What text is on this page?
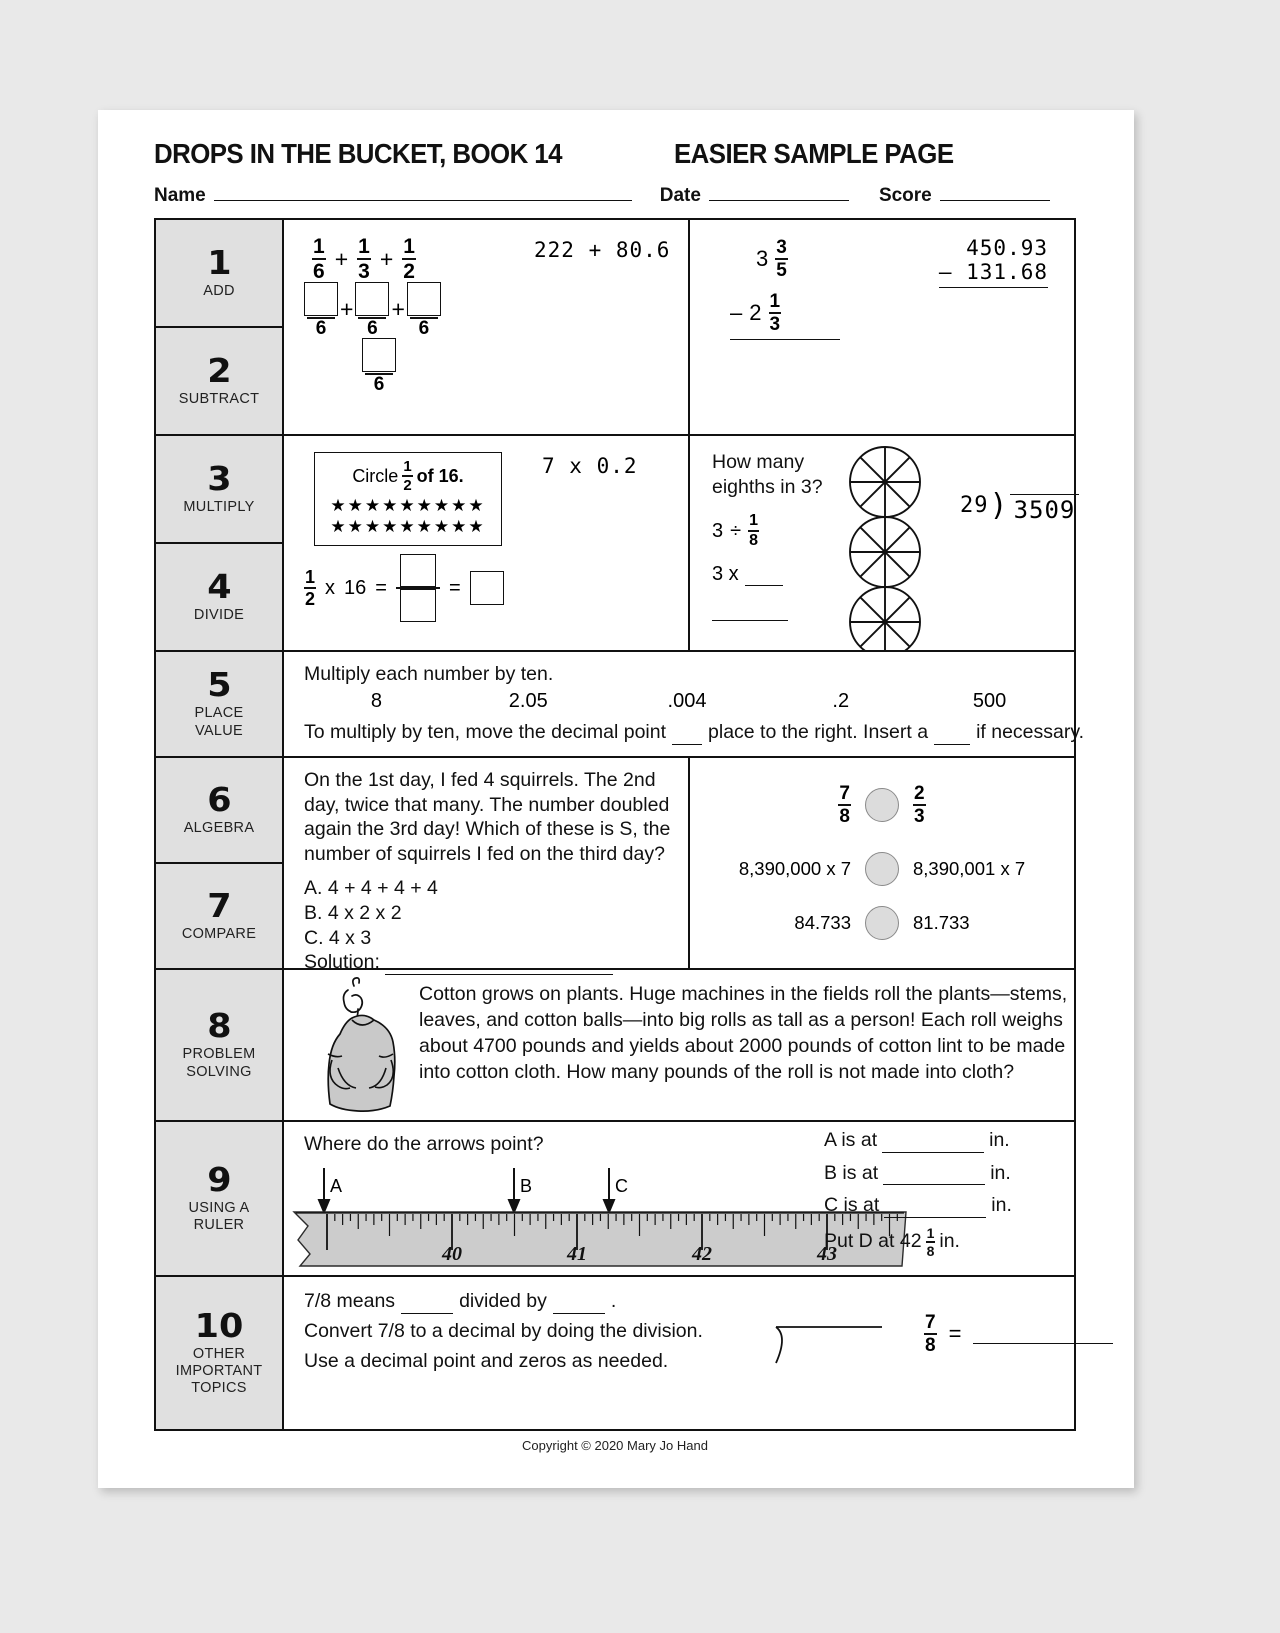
DROPS IN THE BUCKET, BOOK 14	EASIER SAMPLE PAGE
Name	Date	Score
1
ADD
2
SUBTRACT
$\frac{1}{6} + \frac{1}{3} + \frac{1}{2}$
6
+
6
+
6
6
222 + 80.6	$3 \frac{3}{5}$
– $2 \frac{1}{3}$
450.93
– 131.68
3
MULTIPLY
4
DIVIDE
Circle $\frac{1}{2}$ of 16.
★★★★★★★★★
★★★★★★★★★
7 x 0.2
$\frac{1}{2}$ x 16 =	=
How many
eighths in 3?
$3 \div \frac{1}{8}$
3 x
29 ) 3509
5
PLACE
VALUE
Multiply each number by ten.
8	2.05	.004	.2	500
To multiply by ten, move the decimal point place to the right. Insert a if necessary.
6
ALGEBRA
7
COMPARE
On the 1st day, I fed 4 squirrels. The 2nd day, twice that many. The number doubled again the 3rd day! Which of these is S, the number of squirrels I fed on the third day?
A. 4 + 4 + 4 + 4
B. 4 x 2 x 2
C. 4 x 3
Solution:
$\frac{7}{8}$	$\frac{2}{3}$
8,390,000 x 7	8,390,001 x 7
84.733	81.733
8
PROBLEM
SOLVING
Cotton grows on plants. Huge machines in the fields roll the plants—stems, leaves, and cotton balls—into big rolls as tall as a person! Each roll weighs about 4700 pounds and yields about 2000 pounds of cotton lint to be made into cotton cloth. How many pounds of the roll is not made into cloth?
9
USING A
RULER
Where do the arrows point?
A	B	C
40	41	42	43
A is at	in.
B is at	in.
C is at	in.
Put D at $42 \frac{1}{8}$ in.
10
OTHER
IMPORTANT
TOPICS
7/8 means	divided by	.
Convert 7/8 to a decimal by doing the division.
Use a decimal point and zeros as needed.
$\frac{7}{8}$ =
Copyright © 2020 Mary Jo Hand
